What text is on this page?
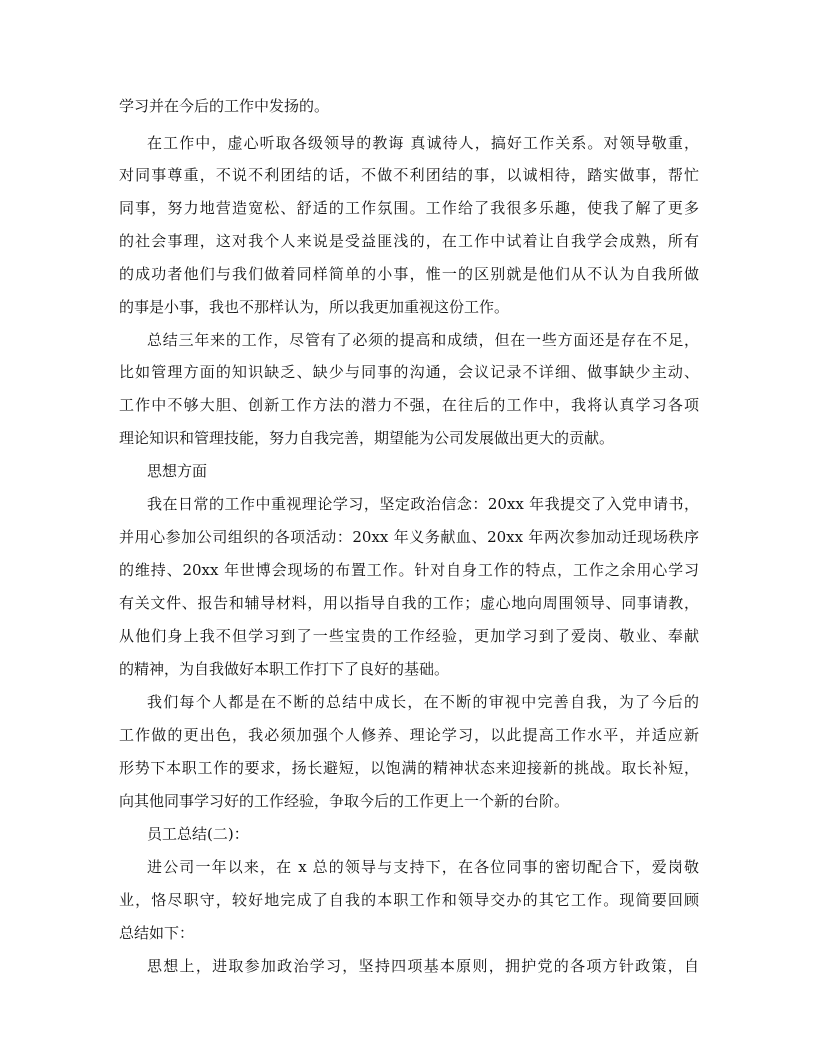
学习并在今后的工作中发扬的。
在工作中，虚心听取各级领导的教诲 真诚待人，搞好工作关系。对领导敬重，
对同事尊重，不说不利团结的话，不做不利团结的事，以诚相待，踏实做事，帮忙
同事，努力地营造宽松、舒适的工作氛围。工作给了我很多乐趣，使我了解了更多
的社会事理，这对我个人来说是受益匪浅的，在工作中试着让自我学会成熟，所有
的成功者他们与我们做着同样简单的小事，惟一的区别就是他们从不认为自我所做
的事是小事，我也不那样认为，所以我更加重视这份工作。
总结三年来的工作，尽管有了必须的提高和成绩，但在一些方面还是存在不足，
比如管理方面的知识缺乏、缺少与同事的沟通，会议记录不详细、做事缺少主动、
工作中不够大胆、创新工作方法的潜力不强，在往后的工作中，我将认真学习各项
理论知识和管理技能，努力自我完善，期望能为公司发展做出更大的贡献。
思想方面
我在日常的工作中重视理论学习，坚定政治信念：20xx 年我提交了入党申请书，
并用心参加公司组织的各项活动：20xx 年义务献血、20xx 年两次参加动迁现场秩序
的维持、20xx 年世博会现场的布置工作。针对自身工作的特点，工作之余用心学习
有关文件、报告和辅导材料，用以指导自我的工作；虚心地向周围领导、同事请教，
从他们身上我不但学习到了一些宝贵的工作经验，更加学习到了爱岗、敬业、奉献
的精神，为自我做好本职工作打下了良好的基础。
我们每个人都是在不断的总结中成长，在不断的审视中完善自我，为了今后的
工作做的更出色，我必须加强个人修养、理论学习，以此提高工作水平，并适应新
形势下本职工作的要求，扬长避短，以饱满的精神状态来迎接新的挑战。取长补短，
向其他同事学习好的工作经验，争取今后的工作更上一个新的台阶。
员工总结(二)：
进公司一年以来，在 x 总的领导与支持下，在各位同事的密切配合下，爱岗敬
业，恪尽职守，较好地完成了自我的本职工作和领导交办的其它工作。现简要回顾
总结如下：
思想上，进取参加政治学习，坚持四项基本原则，拥护党的各项方针政策，自
